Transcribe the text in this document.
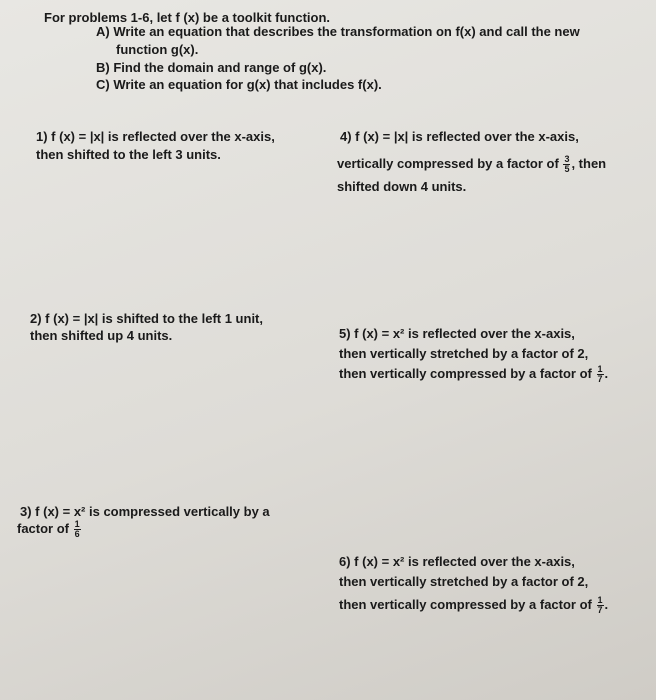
For problems 1-6, let f (x) be a toolkit function.
A) Write an equation that describes the transformation on f(x) and call the new
function g(x).
B) Find the domain and range of g(x).
C) Write an equation for g(x) that includes f(x).
1) f (x) = |x| is reflected over the x-axis,
then shifted to the left 3 units.
4) f (x) = |x| is reflected over the x-axis,
vertically compressed by a factor of $\frac{3}{5}$ , then
shifted down 4 units.
2) f (x) = |x| is shifted to the left 1 unit,
then shifted up 4 units.	5) f (x) = x² is reflected over the x-axis,
then vertically stretched by a factor of 2,
then vertically compressed by a factor of $\frac{1}{7}$ .
3) f (x) = x² is compressed vertically by a
factor of $\frac{1}{6}$
6) f (x) = x² is reflected over the x-axis,
then vertically stretched by a factor of 2,
then vertically compressed by a factor of $\frac{1}{7}$ .
